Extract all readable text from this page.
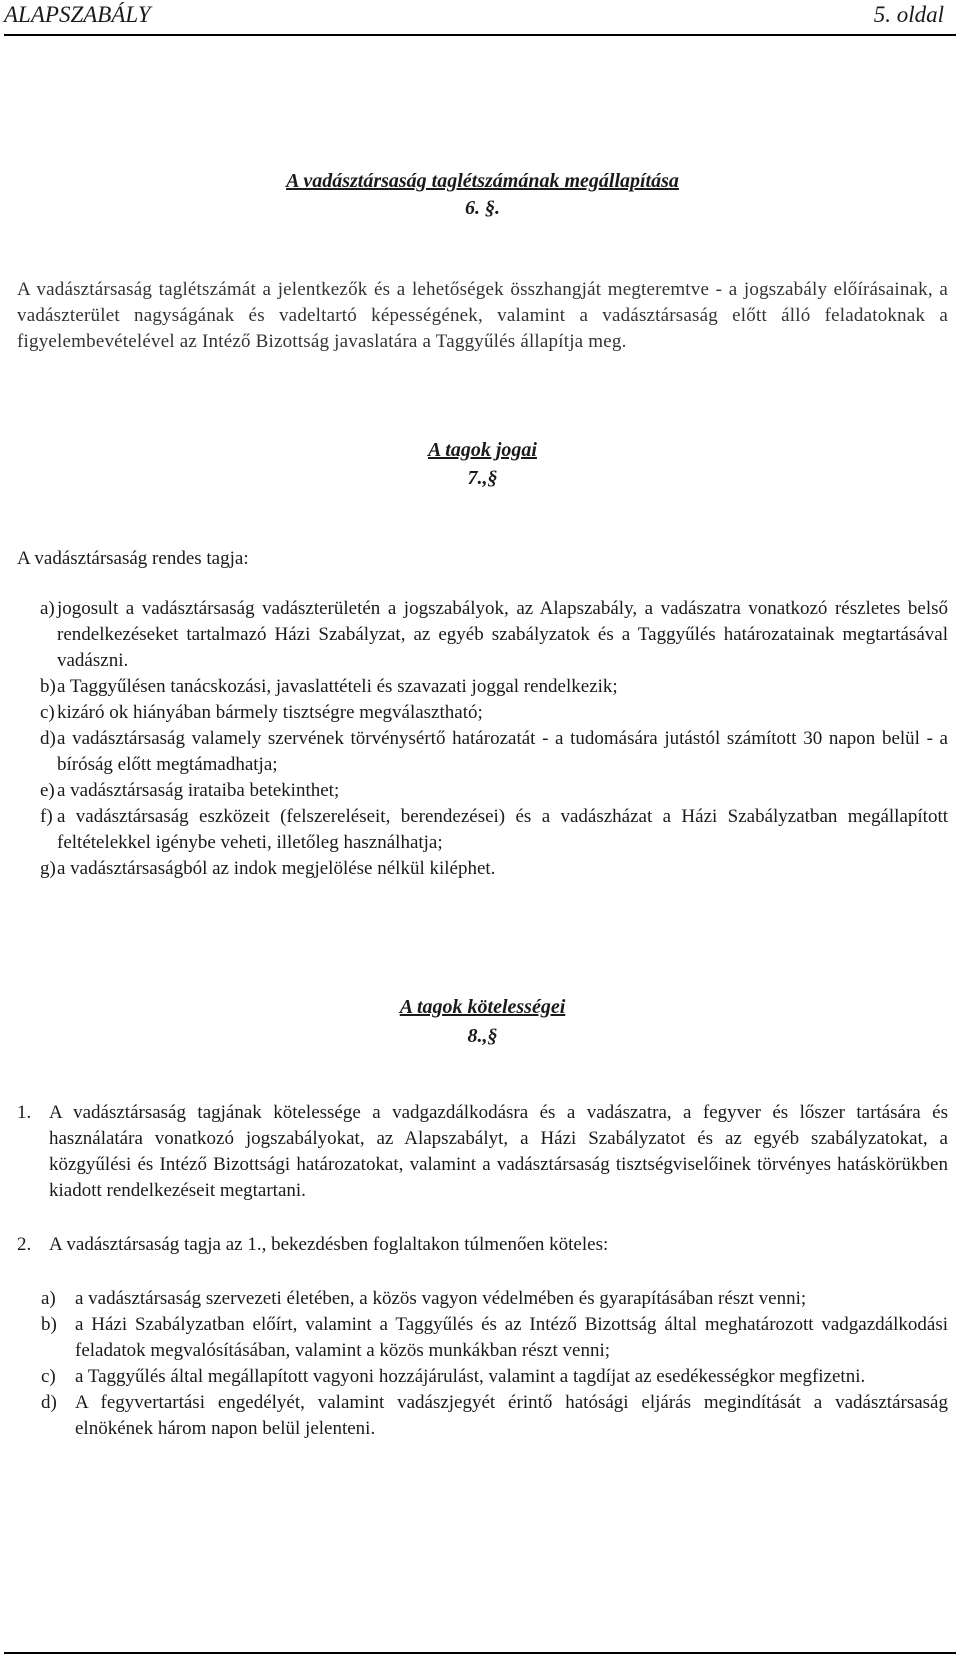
ALAPSZABÁLY	5. oldal
A vadásztársaság taglétszámának megállapítása
6. §.

A vadásztársaság taglétszámát a jelentkezők és a lehetőségek összhangját megteremtve - a jogszabály előírásainak, a vadászterület nagyságának és vadeltartó képességének, valamint a vadásztársaság előtt álló feladatoknak a figyelembevételével az Intéző Bizottság javaslatára a Taggyűlés állapítja meg.

A tagok jogai
7.,§

A vadásztársaság rendes tagja:

a) jogosult a vadásztársaság vadászterületén a jogszabályok, az Alapszabály, a vadászatra vonatkozó részletes belső rendelkezéseket tartalmazó Házi Szabályzat, az egyéb szabályzatok és a Taggyűlés határozatainak megtartásával vadászni.
b) a Taggyűlésen tanácskozási, javaslattételi és szavazati joggal rendelkezik;
c) kizáró ok hiányában bármely tisztségre megválasztható;
d) a vadásztársaság valamely szervének törvénysértő határozatát - a tudomására jutástól számított 30 napon belül - a bíróság előtt megtámadhatja;
e) a vadásztársaság irataiba betekinthet;
f) a vadásztársaság eszközeit (felszereléseit, berendezései) és a vadászházat a Házi Szabályzatban megállapított feltételekkel igénybe veheti, illetőleg használhatja;
g) a vadásztársaságból az indok megjelölése nélkül kiléphet.
A tagok kötelességei
8.,§
1. A vadásztársaság tagjának kötelessége a vadgazdálkodásra és a vadászatra, a fegyver és lőszer tartására és használatára vonatkozó jogszabályokat, az Alapszabályt, a Házi Szabályzatot és az egyéb szabályzatokat, a közgyűlési és Intéző Bizottsági határozatokat, valamint a vadásztársaság tisztségviselőinek törvényes hatáskörükben kiadott rendelkezéseit megtartani.
2. A vadásztársaság tagja az 1., bekezdésben foglaltakon túlmenően köteles:
a) a vadásztársaság szervezeti életében, a közös vagyon védelmében és gyarapításában részt venni;
b) a Házi Szabályzatban előírt, valamint a Taggyűlés és az Intéző Bizottság által meghatározott vadgazdálkodási feladatok megvalósításában, valamint a közös munkákban részt venni;
c) a Taggyűlés által megállapított vagyoni hozzájárulást, valamint a tagdíjat az esedékességkor megfizetni.
d) A fegyvertartási engedélyét, valamint vadászjegyét érintő hatósági eljárás megindítását a vadásztársaság elnökének három napon belül jelenteni.
